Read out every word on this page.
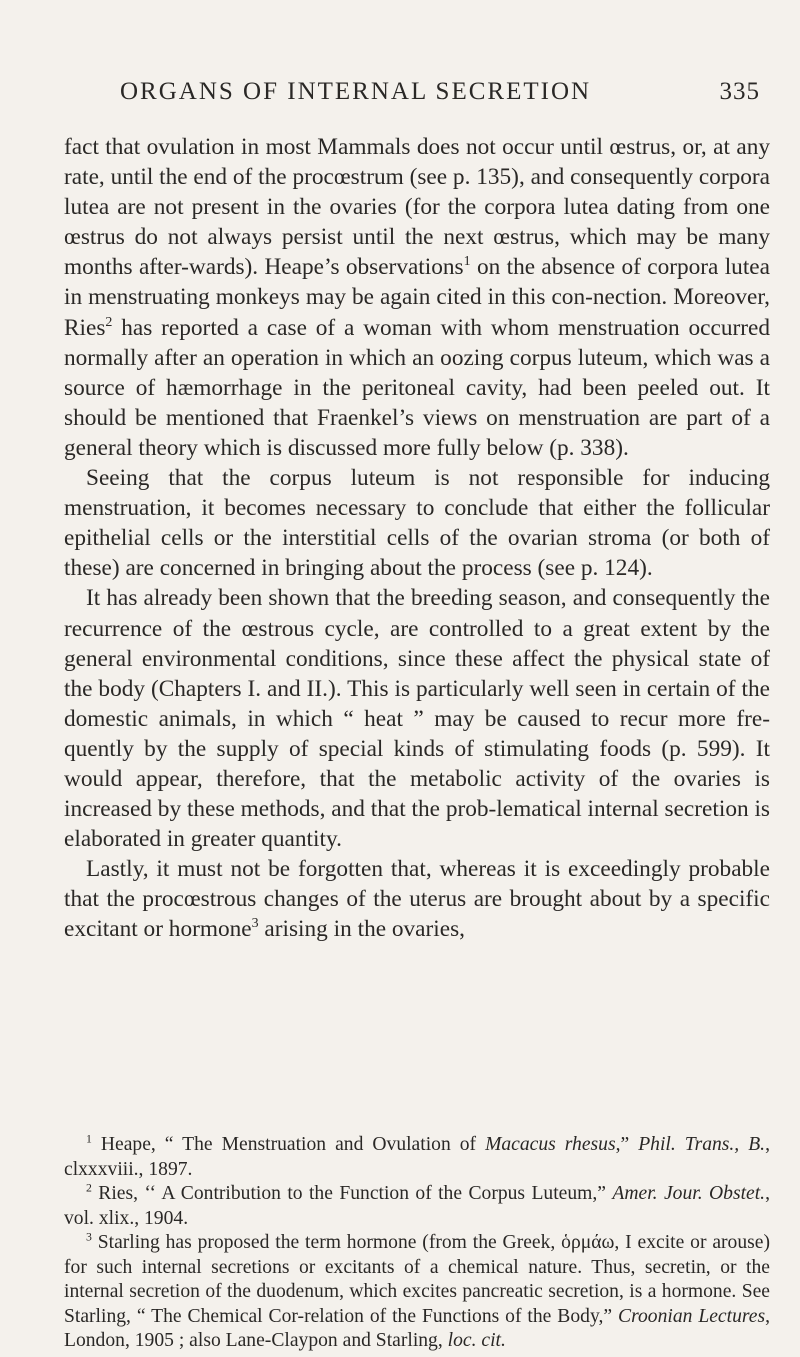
ORGANS OF INTERNAL SECRETION	335

fact that ovulation in most Mammals does not occur until œstrus, or, at any rate, until the end of the procœstrum (see p. 135), and consequently corpora lutea are not present in the ovaries (for the corpora lutea dating from one œstrus do not always persist until the next œstrus, which may be many months after-wards). Heape’s observations$^1$ on the absence of corpora lutea in menstruating monkeys may be again cited in this con-nection. Moreover, Ries$^2$ has reported a case of a woman with whom menstruation occurred normally after an operation in which an oozing corpus luteum, which was a source of hæmorrhage in the peritoneal cavity, had been peeled out. It should be mentioned that Fraenkel’s views on menstruation are part of a general theory which is discussed more fully below (p. 338).

Seeing that the corpus luteum is not responsible for inducing menstruation, it becomes necessary to conclude that either the follicular epithelial cells or the interstitial cells of the ovarian stroma (or both of these) are concerned in bringing about the process (see p. 124).

It has already been shown that the breeding season, and consequently the recurrence of the œstrous cycle, are controlled to a great extent by the general environmental conditions, since these affect the physical state of the body (Chapters I. and II.). This is particularly well seen in certain of the domestic animals, in which “ heat ” may be caused to recur more fre-quently by the supply of special kinds of stimulating foods (p. 599). It would appear, therefore, that the metabolic activity of the ovaries is increased by these methods, and that the prob-lematical internal secretion is elaborated in greater quantity.

Lastly, it must not be forgotten that, whereas it is exceedingly probable that the procœstrous changes of the uterus are brought about by a specific excitant or hormone$^3$ arising in the ovaries,

$^1$ Heape, “ The Menstruation and Ovulation of Macacus rhesus,” Phil. Trans., B., clxxxviii., 1897.

$^2$ Ries, ‘‘ A Contribution to the Function of the Corpus Luteum,” Amer. Jour. Obstet., vol. xlix., 1904.

$^3$ Starling has proposed the term hormone (from the Greek, ὁρμάω, I excite or arouse) for such internal secretions or excitants of a chemical nature. Thus, secretin, or the internal secretion of the duodenum, which excites pancreatic secretion, is a hormone. See Starling, “ The Chemical Cor-relation of the Functions of the Body,” Croonian Lectures, London, 1905 ; also Lane-Claypon and Starling, loc. cit.
